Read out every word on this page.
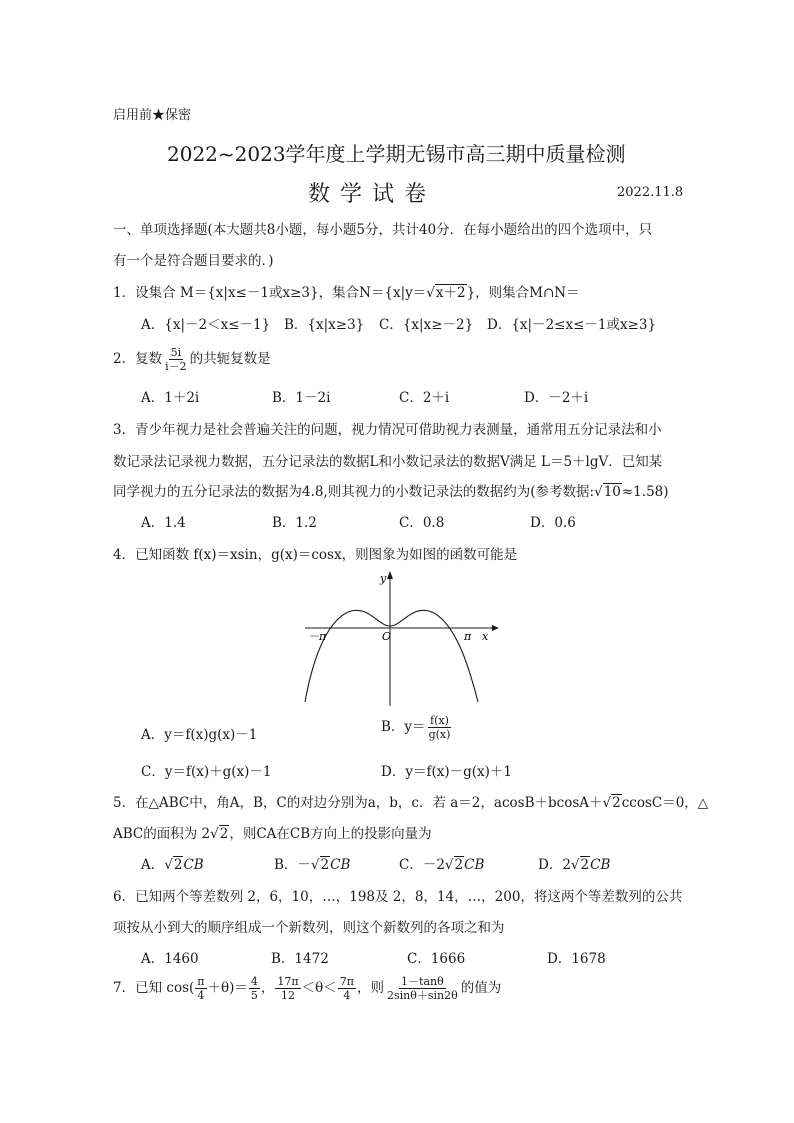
启用前★保密
2022~2023学年度上学期无锡市高三期中质量检测
数学试卷	2022.11.8
一、单项选择题(本大题共8小题，每小题5分，共计40分．在每小题给出的四个选项中，只
有一个是符合题目要求的．)
1．设集合 M＝{x|x≤－1或x≥3}，集合N＝{x|y＝√x＋2}，则集合M∩N＝
A．{x|－2＜x≤－1} B．{x|x≥3} C．{x|x≥－2} D．{x|－2≤x≤－1或x≥3}
2．复数 $\frac{5i}{i-2}$ 的共轭复数是
A．1＋2i	B．1－2i	C．2＋i	D．－2＋i
3．青少年视力是社会普遍关注的问题，视力情况可借助视力表测量，通常用五分记录法和小
数记录法记录视力数据，五分记录法的数据L和小数记录法的数据V满足 L＝5＋lgV．已知某
同学视力的五分记录法的数据为4.8,则其视力的小数记录法的数据约为(参考数据:√10≈1.58)
A．1.4	B．1.2	C．0.8	D．0.6
4．已知函数 f(x)＝xsin，g(x)＝cosx，则图象为如图的函数可能是
y
x
O
－π	π
A．y＝f(x)g(x)－1	B．$y= \frac{f(x)}{g(x)}$
C．y＝f(x)＋g(x)－1	D．y＝f(x)－g(x)＋1
5．在△ABC中，角A，B，C的对边分别为a，b，c．若 a＝2，acosB＋bcosA＋√2ccosC＝0，△
ABC的面积为 2√2，则CA在CB方向上的投影向量为
A．√2CB	B．－√2CB	C．－2√2CB	D．2√2CB
6．已知两个等差数列 2，6，10，…，198及 2，8，14，…，200，将这两个等差数列的公共
项按从小到大的顺序组成一个新数列，则这个新数列的各项之和为
A．1460	B．1472	C．1666	D．1678
7．已知 $\cos( \frac{\pi}{4} +\theta)= \frac{4}{5}$ ， $\frac{17\pi}{12} <\theta< \frac{7\pi}{4}$ ，则 $\frac{1-\tan\theta}{2\sin\theta+\sin 2\theta}$ 的值为
